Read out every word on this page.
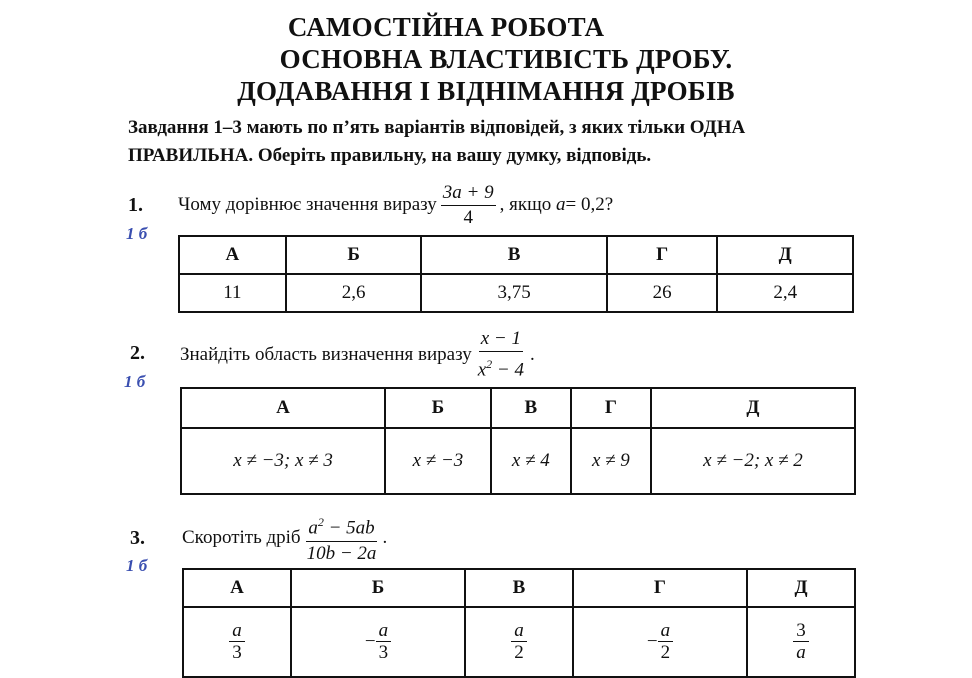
САМОСТІЙНА РОБОТА
ОСНОВНА ВЛАСТИВІСТЬ ДРОБУ.
ДОДАВАННЯ І ВІДНІМАННЯ ДРОБІВ
Завдання 1–3 мають по п’ять варіантів відповідей, з яких тільки ОДНА ПРАВИЛЬНА. Оберіть правильну, на вашу думку, відповідь.
1.
1 б
Чому дорівнює значення виразу $\frac{3a + 9}{4}$ , якщо
a = 0,2?
А	Б	В	Г	Д
11	2,6	3,75	26	2,4
2.
1 б
Знайдіть область визначення виразу $\frac{x - 1}{x^2 - 4}$ .
А	Б	В	Г	Д
x ≠ −3; x ≠ 3	x ≠ −3	x ≠ 4	x ≠ 9	x ≠ −2; x ≠ 2
3.
1 б
Скоротіть дріб $\frac{a^2 - 5ab}{10b - 2a}$ .
А	Б	В	Г	Д

$\frac{a}{3}$	− $\frac{a}{3}$	$\frac{a}{2}$	− $\frac{a}{2}$	$\frac{3}{a}$
